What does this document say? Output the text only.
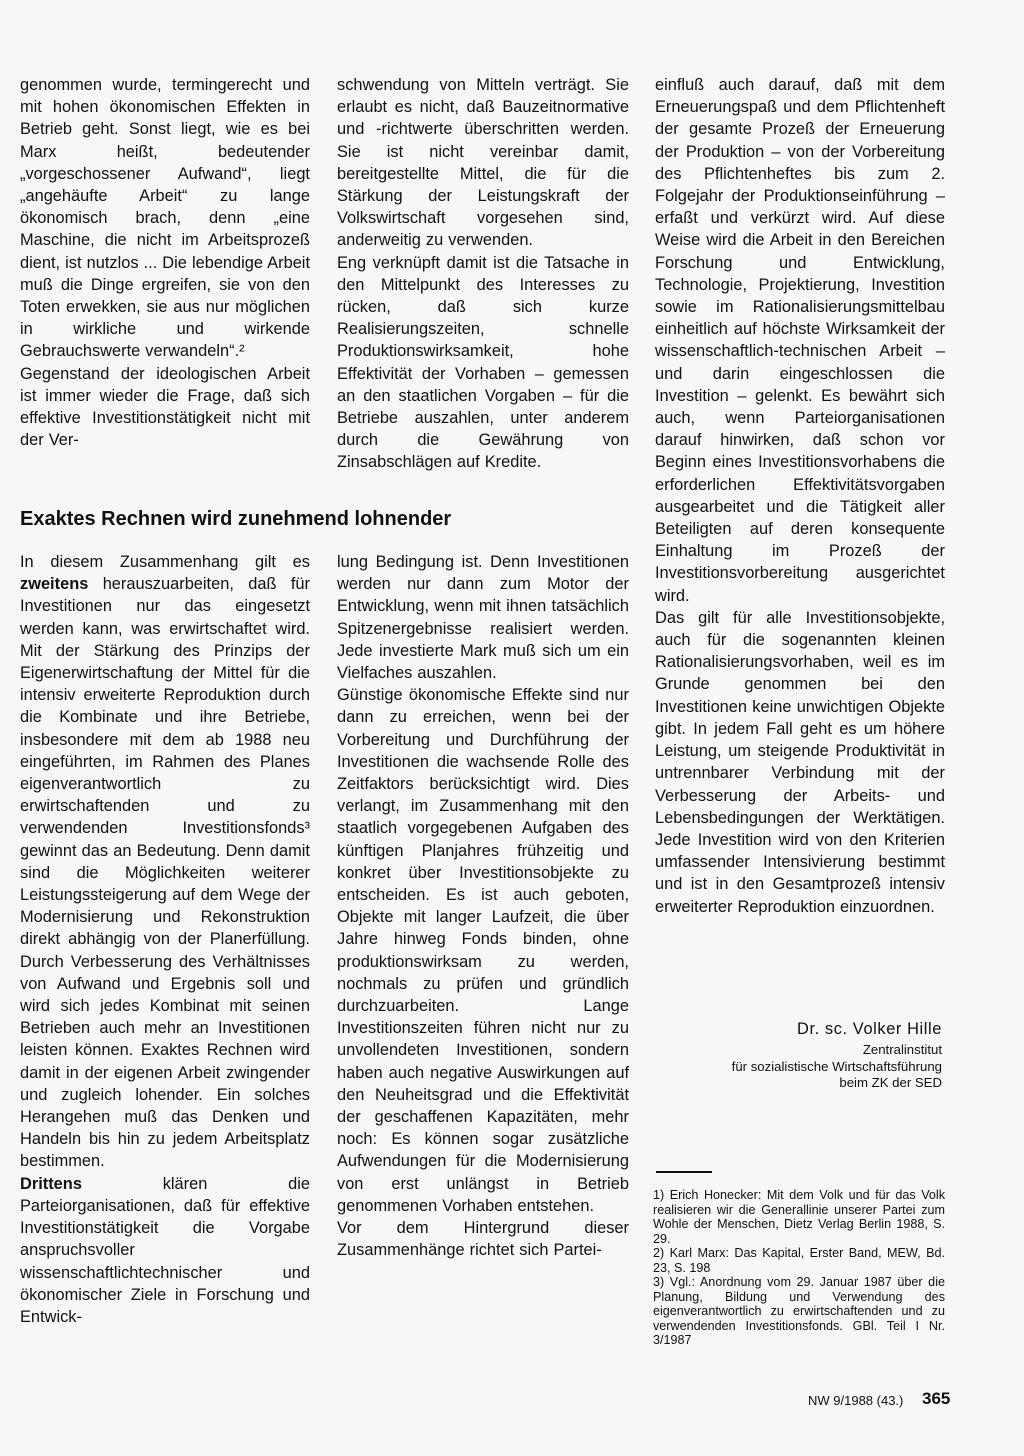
genommen wurde, termingerecht und mit hohen ökonomischen Effekten in Betrieb geht. Sonst liegt, wie es bei Marx heißt, bedeutender „vorgeschossener Aufwand“, liegt „angehäufte Arbeit“ zu lange ökonomisch brach, denn „eine Maschine, die nicht im Arbeitsprozeß dient, ist nutzlos ... Die lebendige Arbeit muß die Dinge ergreifen, sie von den Toten erwekken, sie aus nur möglichen in wirkliche und wirkende Gebrauchswerte verwandeln“.²

Gegenstand der ideologischen Arbeit ist immer wieder die Frage, daß sich effektive Investitionstätigkeit nicht mit der Ver-

schwendung von Mitteln verträgt. Sie erlaubt es nicht, daß Bauzeitnormative und -richtwerte überschritten werden. Sie ist nicht vereinbar damit, bereitgestellte Mittel, die für die Stärkung der Leistungskraft der Volkswirtschaft vorgesehen sind, anderweitig zu verwenden.

Eng verknüpft damit ist die Tatsache in den Mittelpunkt des Interesses zu rücken, daß sich kurze Realisierungszeiten, schnelle Produktionswirksamkeit, hohe Effektivität der Vorhaben – gemessen an den staatlichen Vorgaben – für die Betriebe auszahlen, unter anderem durch die Gewährung von Zinsabschlägen auf Kredite.

einfluß auch darauf, daß mit dem Erneuerungspaß und dem Pflichtenheft der gesamte Prozeß der Erneuerung der Produktion – von der Vorbereitung des Pflichtenheftes bis zum 2. Folgejahr der Produktionseinführung – erfaßt und verkürzt wird. Auf diese Weise wird die Arbeit in den Bereichen Forschung und Entwicklung, Technologie, Projektierung, Investition sowie im Rationalisierungsmittelbau einheitlich auf höchste Wirksamkeit der wissenschaftlich-technischen Arbeit – und darin eingeschlossen die Investition – gelenkt. Es bewährt sich auch, wenn Parteiorganisationen darauf hinwirken, daß schon vor Beginn eines Investitionsvorhabens die erforderlichen Effektivitätsvorgaben ausgearbeitet und die Tätigkeit aller Beteiligten auf deren konsequente Einhaltung im Prozeß der Investitionsvorbereitung ausgerichtet wird.

Das gilt für alle Investitionsobjekte, auch für die sogenannten kleinen Rationalisierungsvorhaben, weil es im Grunde genommen bei den Investitionen keine unwichtigen Objekte gibt. In jedem Fall geht es um höhere Leistung, um steigende Produktivität in untrennbarer Verbindung mit der Verbesserung der Arbeits- und Lebensbedingungen der Werktätigen. Jede Investition wird von den Kriterien umfassender Intensivierung bestimmt und ist in den Gesamtprozeß intensiv erweiterter Reproduktion einzuordnen.

Exaktes Rechnen wird zunehmend lohnender

In diesem Zusammenhang gilt es zweitens herauszuarbeiten, daß für Investitionen nur das eingesetzt werden kann, was erwirtschaftet wird. Mit der Stärkung des Prinzips der Eigenerwirtschaftung der Mittel für die intensiv erweiterte Reproduktion durch die Kombinate und ihre Betriebe, insbesondere mit dem ab 1988 neu eingeführten, im Rahmen des Planes eigenverantwortlich zu erwirtschaftenden und zu verwendenden Investitionsfonds³ gewinnt das an Bedeutung. Denn damit sind die Möglichkeiten weiterer Leistungssteigerung auf dem Wege der Modernisierung und Rekonstruktion direkt abhängig von der Planerfüllung. Durch Verbesserung des Verhältnisses von Aufwand und Ergebnis soll und wird sich jedes Kombinat mit seinen Betrieben auch mehr an Investitionen leisten können. Exaktes Rechnen wird damit in der eigenen Arbeit zwingender und zugleich lohender. Ein solches Herangehen muß das Denken und Handeln bis hin zu jedem Arbeitsplatz bestimmen.

Drittens	klären die Parteiorganisationen, daß für effektive Investitionstätigkeit die Vorgabe anspruchsvoller wissenschaftlichtechnischer und ökonomischer Ziele in Forschung und Entwick-

lung Bedingung ist. Denn Investitionen werden nur dann zum Motor der Entwicklung, wenn mit ihnen tatsächlich Spitzenergebnisse realisiert werden. Jede investierte Mark muß sich um ein Vielfaches auszahlen.

Günstige ökonomische Effekte sind nur dann zu erreichen, wenn bei der Vorbereitung und Durchführung der Investitionen die wachsende Rolle des Zeitfaktors berücksichtigt wird. Dies verlangt, im Zusammenhang mit den staatlich vorgegebenen Aufgaben des künftigen Planjahres frühzeitig und konkret über Investitionsobjekte zu entscheiden. Es ist auch geboten, Objekte mit langer Laufzeit, die über Jahre hinweg Fonds binden, ohne produktionswirksam zu werden, nochmals zu prüfen und gründlich durchzuarbeiten. Lange Investitionszeiten führen nicht nur zu unvollendeten Investitionen, sondern haben auch negative Auswirkungen auf den Neuheitsgrad und die Effektivität der geschaffenen Kapazitäten, mehr noch: Es können sogar zusätzliche Aufwendungen für die Modernisierung von erst unlängst in Betrieb genommenen Vorhaben entstehen.

Vor dem Hintergrund dieser Zusammenhänge richtet sich Partei-

Dr. sc. Volker Hille
Zentralinstitut
für sozialistische Wirtschaftsführung
beim ZK der SED

1) Erich Honecker: Mit dem Volk und für das Volk realisieren wir die Generallinie unserer Partei zum Wohle der Menschen, Dietz Verlag Berlin 1988, S. 29.

2) Karl Marx: Das Kapital, Erster Band, MEW, Bd. 23, S. 198

3) Vgl.: Anordnung vom 29. Januar 1987 über die Planung, Bildung und Verwendung des eigenverantwortlich zu erwirtschaftenden und zu verwendenden Investitionsfonds. GBl. Teil I Nr. 3/1987

NW 9/1988 (43.) 365
